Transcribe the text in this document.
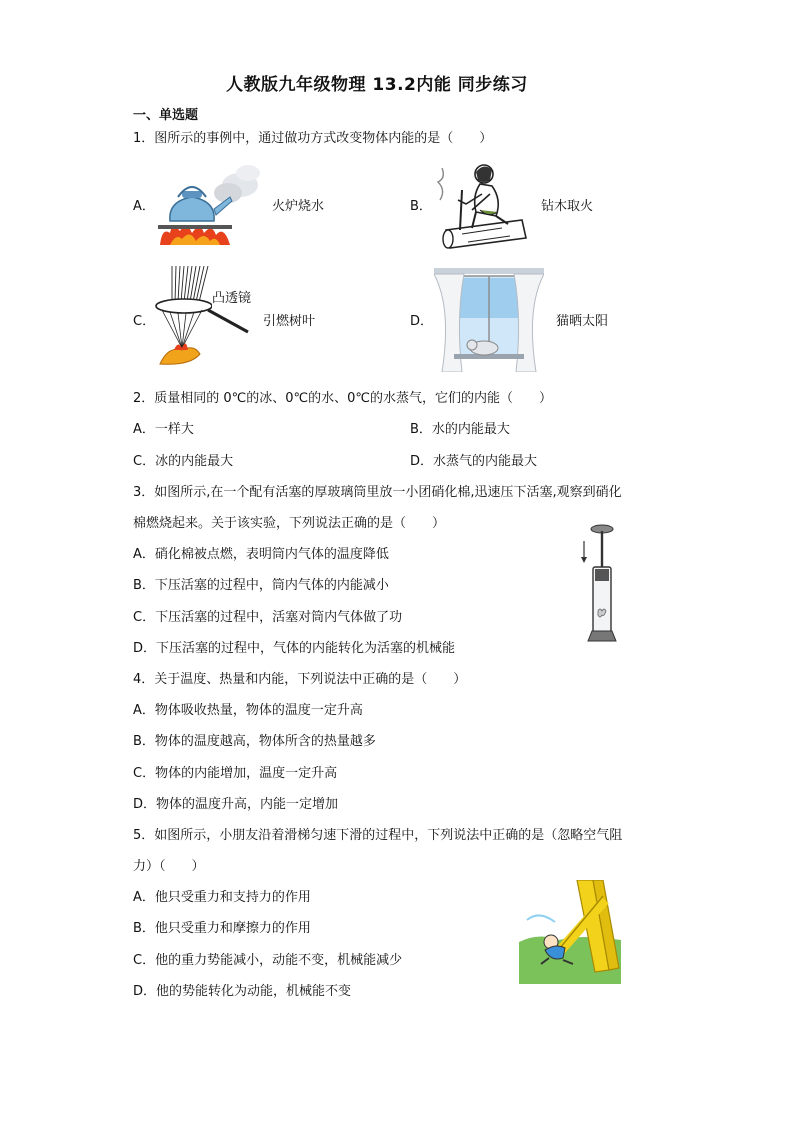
人教版九年级物理 13.2内能 同步练习
一、单选题
1．图所示的事例中，通过做功方式改变物体内能的是（　　）
A．	火炉烧水	B．	钻木取火
C．
凸透镜
引燃树叶	D．	猫晒太阳
2．质量相同的 0℃的冰、0℃的水、0℃的水蒸气，它们的内能（　　）
A．一样大	B．水的内能最大
C．冰的内能最大	D．水蒸气的内能最大
3．如图所示,在一个配有活塞的厚玻璃筒里放一小团硝化棉,迅速压下活塞,观察到硝化
棉燃烧起来。关于该实验，下列说法正确的是（　　）
A．硝化棉被点燃，表明筒内气体的温度降低
B．下压活塞的过程中，筒内气体的内能减小
C．下压活塞的过程中，活塞对筒内气体做了功
D．下压活塞的过程中，气体的内能转化为活塞的机械能
4．关于温度、热量和内能，下列说法中正确的是（　　）
A．物体吸收热量，物体的温度一定升高
B．物体的温度越高，物体所含的热量越多
C．物体的内能增加，温度一定升高
D．物体的温度升高，内能一定增加
5．如图所示，小朋友沿着滑梯匀速下滑的过程中，下列说法中正确的是（忽略空气阻
力）（　　）
A．他只受重力和支持力的作用
B．他只受重力和摩擦力的作用
C．他的重力势能减小，动能不变，机械能减少
D．他的势能转化为动能，机械能不变
